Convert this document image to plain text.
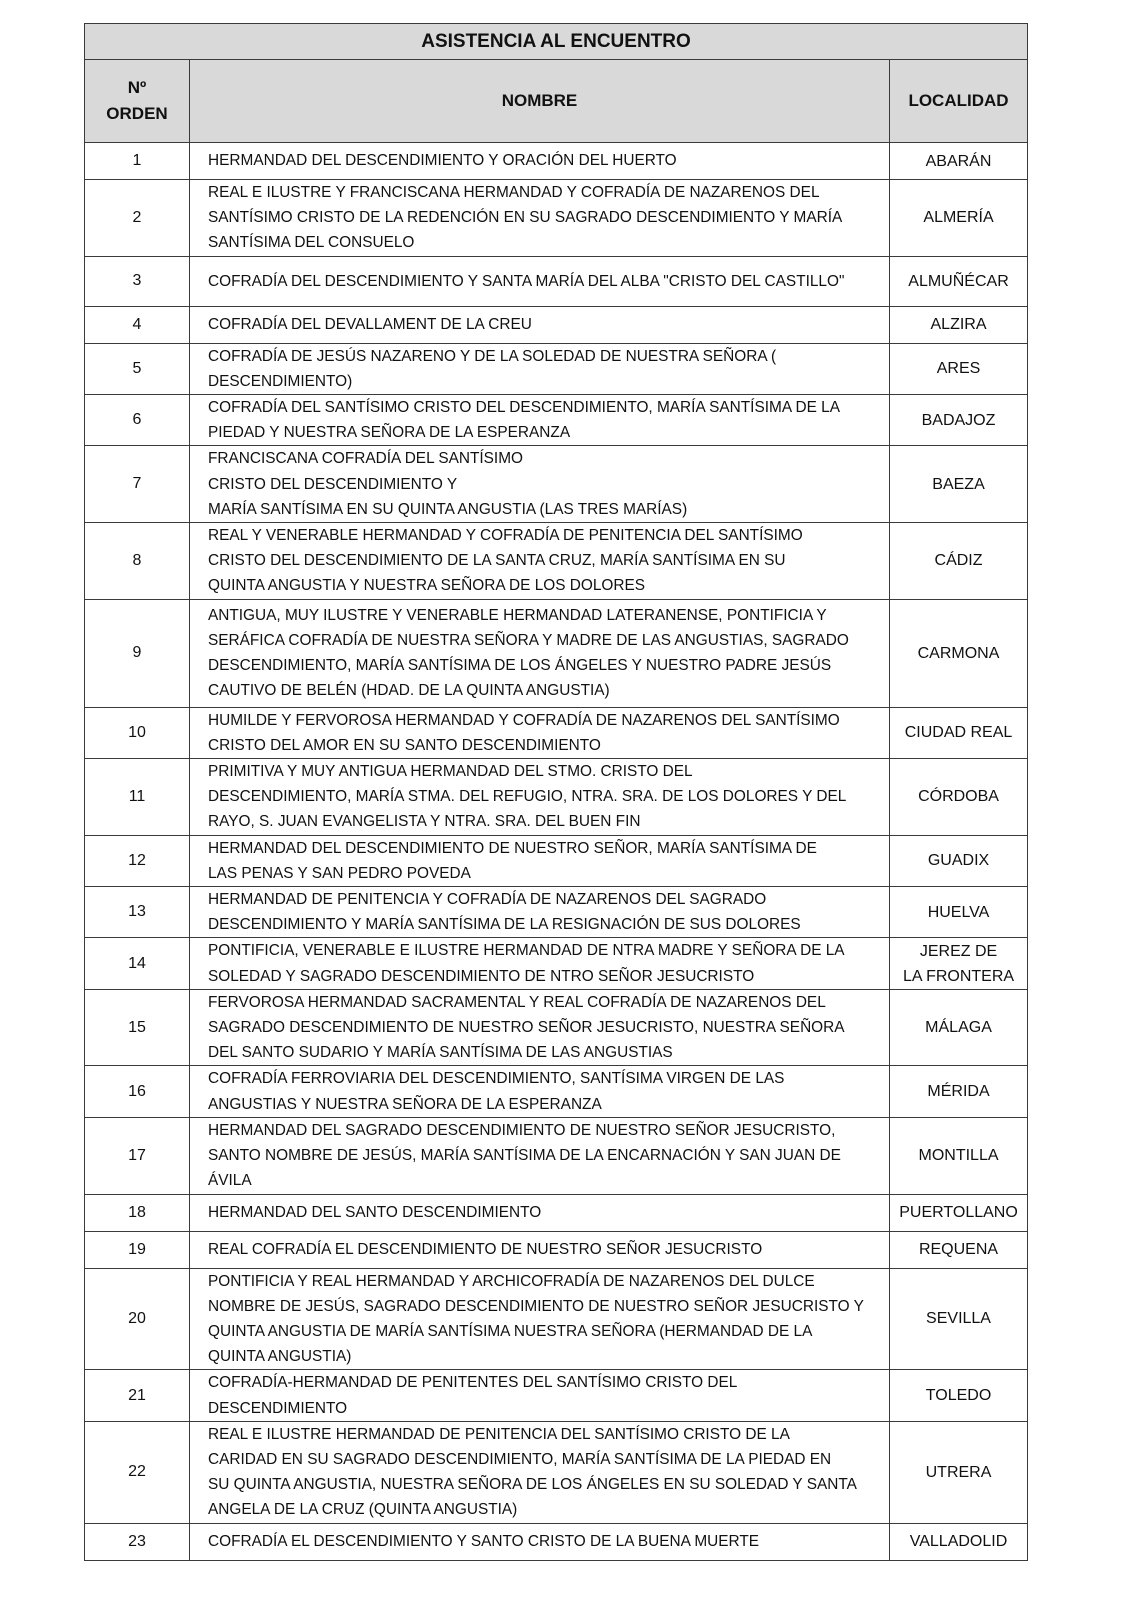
ASISTENCIA AL ENCUENTRO		
Nº
ORDEN	NOMBRE	LOCALIDAD
1	HERMANDAD DEL DESCENDIMIENTO Y ORACIÓN DEL HUERTO	ABARÁN
2	REAL E ILUSTRE Y FRANCISCANA HERMANDAD Y COFRADÍA DE NAZARENOS DEL
SANTÍSIMO CRISTO DE LA REDENCIÓN EN SU SAGRADO DESCENDIMIENTO Y MARÍA
SANTÍSIMA DEL CONSUELO	ALMERÍA
3	COFRADÍA DEL DESCENDIMIENTO Y SANTA MARÍA DEL ALBA "CRISTO DEL CASTILLO"	ALMUÑÉCAR
4	COFRADÍA DEL DEVALLAMENT DE LA CREU	ALZIRA
5	COFRADÍA DE JESÚS NAZARENO Y DE LA SOLEDAD DE NUESTRA SEÑORA (
DESCENDIMIENTO)	ARES
6	COFRADÍA DEL SANTÍSIMO CRISTO DEL DESCENDIMIENTO, MARÍA SANTÍSIMA DE LA
PIEDAD Y NUESTRA SEÑORA DE LA ESPERANZA	BADAJOZ
7	FRANCISCANA COFRADÍA DEL SANTÍSIMO
CRISTO DEL DESCENDIMIENTO Y
MARÍA SANTÍSIMA EN SU QUINTA ANGUSTIA (LAS TRES MARÍAS)	BAEZA
8	REAL Y VENERABLE HERMANDAD Y COFRADÍA DE PENITENCIA DEL SANTÍSIMO
CRISTO DEL DESCENDIMIENTO DE LA SANTA CRUZ, MARÍA SANTÍSIMA EN SU
QUINTA ANGUSTIA Y NUESTRA SEÑORA DE LOS DOLORES	CÁDIZ
9	ANTIGUA, MUY ILUSTRE Y VENERABLE HERMANDAD LATERANENSE, PONTIFICIA Y
SERÁFICA COFRADÍA DE NUESTRA SEÑORA Y MADRE DE LAS ANGUSTIAS, SAGRADO
DESCENDIMIENTO, MARÍA SANTÍSIMA DE LOS ÁNGELES Y NUESTRO PADRE JESÚS
CAUTIVO DE BELÉN (HDAD. DE LA QUINTA ANGUSTIA)	CARMONA
10	HUMILDE Y FERVOROSA HERMANDAD Y COFRADÍA DE NAZARENOS DEL SANTÍSIMO
CRISTO DEL AMOR EN SU SANTO DESCENDIMIENTO	CIUDAD REAL
11	PRIMITIVA Y MUY ANTIGUA HERMANDAD DEL STMO. CRISTO DEL
DESCENDIMIENTO, MARÍA STMA. DEL REFUGIO, NTRA. SRA. DE LOS DOLORES Y DEL
RAYO, S. JUAN EVANGELISTA Y NTRA. SRA. DEL BUEN FIN	CÓRDOBA
12	HERMANDAD DEL DESCENDIMIENTO DE NUESTRO SEÑOR, MARÍA SANTÍSIMA DE
LAS PENAS Y SAN PEDRO POVEDA	GUADIX
13	HERMANDAD DE PENITENCIA Y COFRADÍA DE NAZARENOS DEL SAGRADO
DESCENDIMIENTO Y MARÍA SANTÍSIMA DE LA RESIGNACIÓN DE SUS DOLORES	HUELVA
14	PONTIFICIA, VENERABLE E ILUSTRE HERMANDAD DE NTRA MADRE Y SEÑORA DE LA
SOLEDAD Y SAGRADO DESCENDIMIENTO DE NTRO SEÑOR JESUCRISTO	JEREZ DE
LA FRONTERA
15	FERVOROSA HERMANDAD SACRAMENTAL Y REAL COFRADÍA DE NAZARENOS DEL
SAGRADO DESCENDIMIENTO DE NUESTRO SEÑOR JESUCRISTO, NUESTRA SEÑORA
DEL SANTO SUDARIO Y MARÍA SANTÍSIMA DE LAS ANGUSTIAS	MÁLAGA
16	COFRADÍA FERROVIARIA DEL DESCENDIMIENTO, SANTÍSIMA VIRGEN DE LAS
ANGUSTIAS Y NUESTRA SEÑORA DE LA ESPERANZA	MÉRIDA
17	HERMANDAD DEL SAGRADO DESCENDIMIENTO DE NUESTRO SEÑOR JESUCRISTO,
SANTO NOMBRE DE JESÚS, MARÍA SANTÍSIMA DE LA ENCARNACIÓN Y SAN JUAN DE
ÁVILA	MONTILLA
18	HERMANDAD DEL SANTO DESCENDIMIENTO	PUERTOLLANO
19	REAL COFRADÍA EL DESCENDIMIENTO DE NUESTRO SEÑOR JESUCRISTO	REQUENA
20	PONTIFICIA Y REAL HERMANDAD Y ARCHICOFRADÍA DE NAZARENOS DEL DULCE
NOMBRE DE JESÚS, SAGRADO DESCENDIMIENTO DE NUESTRO SEÑOR JESUCRISTO Y
QUINTA ANGUSTIA DE MARÍA SANTÍSIMA NUESTRA SEÑORA (HERMANDAD DE LA
QUINTA ANGUSTIA)	SEVILLA
21	COFRADÍA-HERMANDAD DE PENITENTES DEL SANTÍSIMO CRISTO DEL
DESCENDIMIENTO	TOLEDO
22	REAL E ILUSTRE HERMANDAD DE PENITENCIA DEL SANTÍSIMO CRISTO DE LA
CARIDAD EN SU SAGRADO DESCENDIMIENTO, MARÍA SANTÍSIMA DE LA PIEDAD EN
SU QUINTA ANGUSTIA, NUESTRA SEÑORA DE LOS ÁNGELES EN SU SOLEDAD Y SANTA
ANGELA DE LA CRUZ (QUINTA ANGUSTIA)	UTRERA
23	COFRADÍA EL DESCENDIMIENTO Y SANTO CRISTO DE LA BUENA MUERTE	VALLADOLID
